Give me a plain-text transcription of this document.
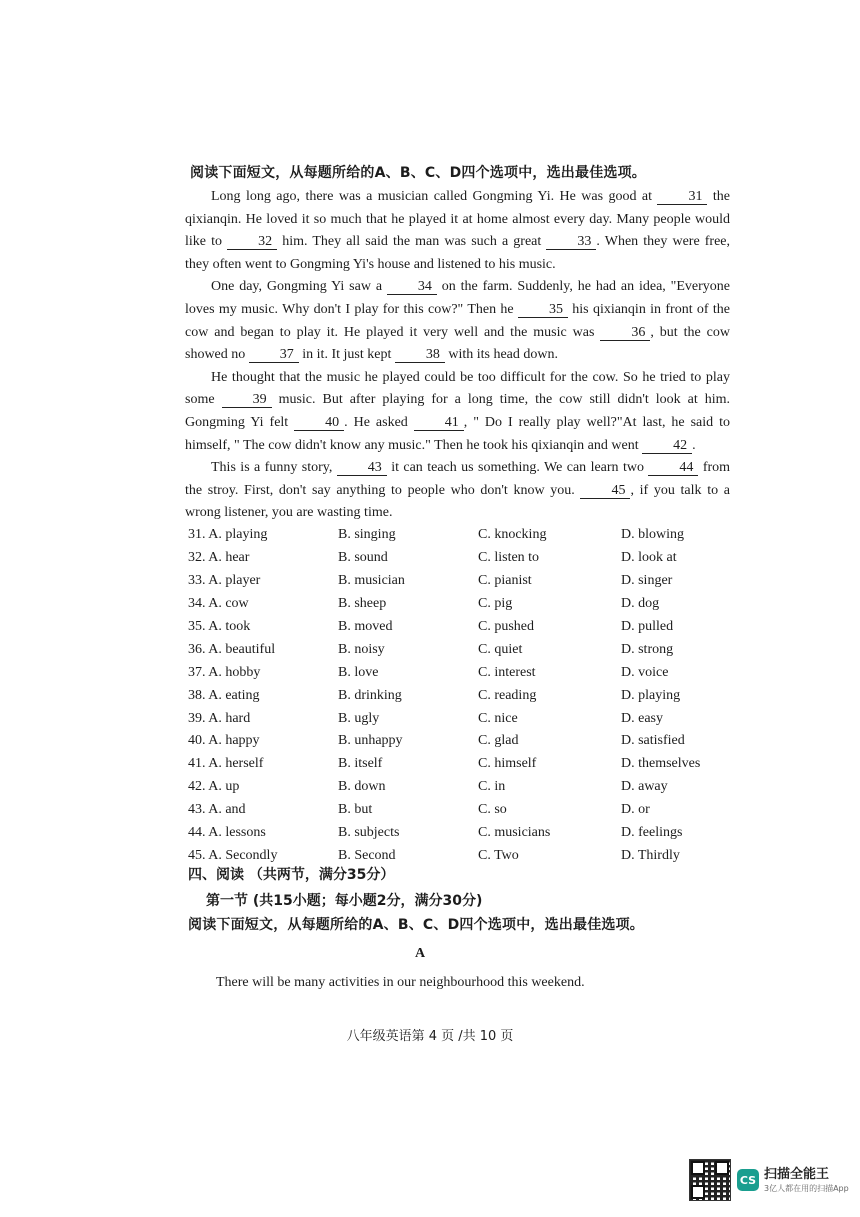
阅读下面短文，从每题所给的A、B、C、D四个选项中，选出最佳选项。

Long long ago, there was a musician called Gongming Yi. He was good at	31 the qixianqin. He loved it so much that he played it at home almost every day. Many people would like to	32 him. They all said the man was such a great	33 . When they were free, they often went to Gongming Yi's house and listened to his music.

One day, Gongming Yi saw a	34 on the farm. Suddenly, he had an idea, "Everyone loves my music. Why don't I play for this cow?" Then he	35 his qixianqin in front of the cow and began to play it. He played it very well and the music was	36 , but the cow showed no 37 in it. It just kept 38 with its head down.

He thought that the music he played could be too difficult for the cow. So he tried to play some	39 music. But after playing for a long time, the cow still didn't look at him. Gongming Yi felt	40 . He asked	41 , " Do I really play well?"At last, he said to himself, " The cow didn't know any music." Then he took his qixianqin and went 42 .

This is a funny story,	43 it can teach us something. We can learn two	44 from the stroy. First, don't say anything to people who don't know you.	45 , if you talk to a wrong listener, you are wasting time.

31. A. playing	B. singing	C. knocking	D. blowing
32. A. hear	B. sound	C. listen to	D. look at
33. A. player	B. musician	C. pianist	D. singer
34. A. cow	B. sheep	C. pig	D. dog
35. A. took	B. moved	C. pushed	D. pulled
36. A. beautiful	B. noisy	C. quiet	D. strong
37. A. hobby	B. love	C. interest	D. voice
38. A. eating	B. drinking	C. reading	D. playing
39. A. hard	B. ugly	C. nice	D. easy
40. A. happy	B. unhappy	C. glad	D. satisfied
41. A. herself	B. itself	C. himself	D. themselves
42. A. up	B. down	C. in	D. away
43. A. and	B. but	C. so	D. or
44. A. lessons	B. subjects	C. musicians	D. feelings
45. A. Secondly	B. Second	C. Two	D. Thirdly
四、阅读 （共两节，满分35分）
第一节 (共15小题；每小题2分，满分30分)
阅读下面短文，从每题所给的A、B、C、D四个选项中，选出最佳选项。
A
There will be many activities in our neighbourhood this weekend.
八年级英语第 4 页 /共 10 页
CS 扫描全能王
3亿人都在用的扫描App
